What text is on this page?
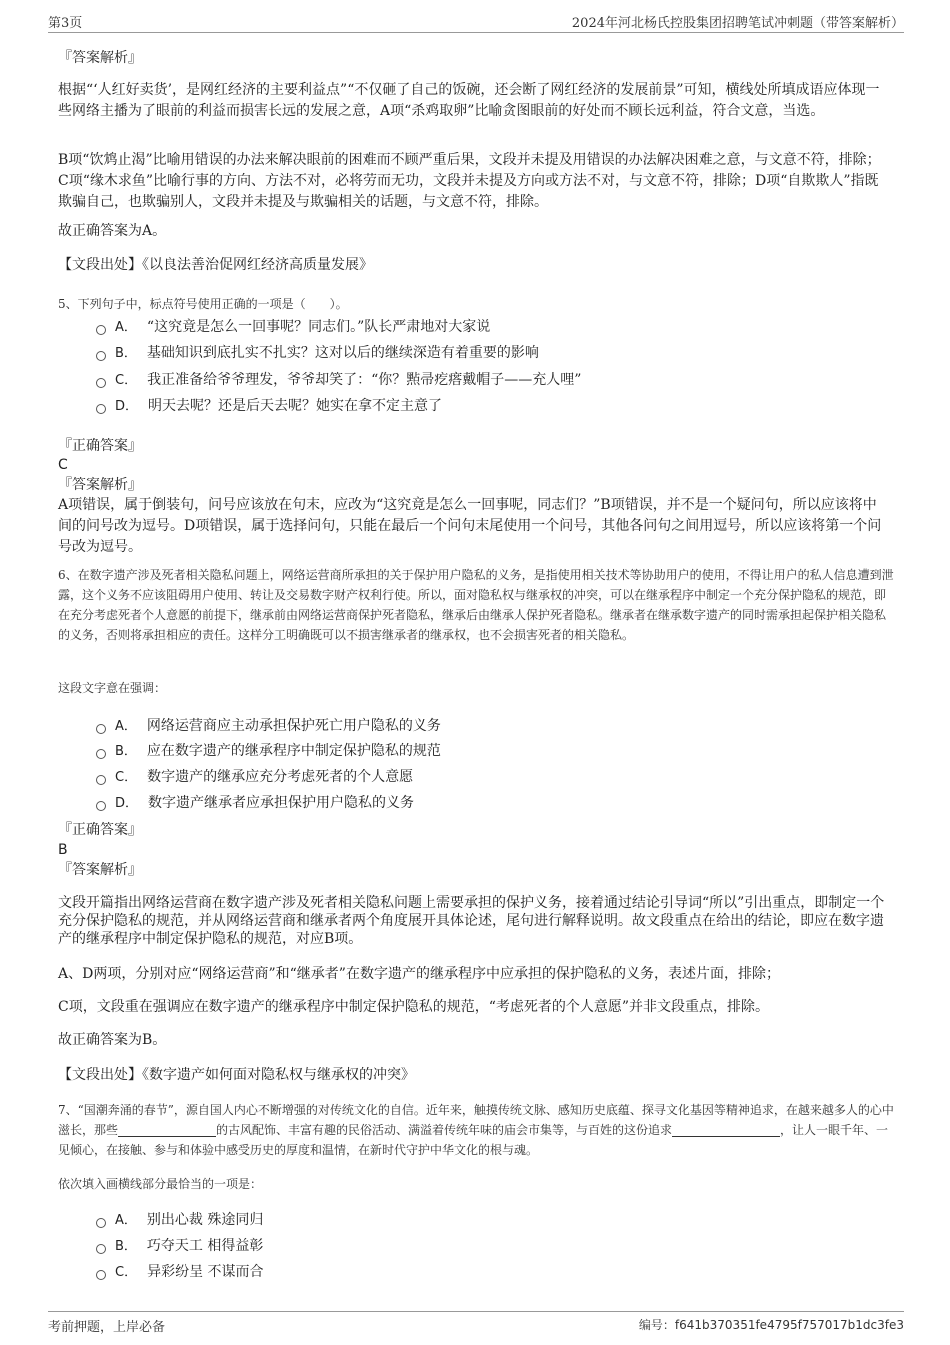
第3页	2024年河北杨氏控股集团招聘笔试冲刺题（带答案解析）
『答案解析』
根据“‘人红好卖货’，是网红经济的主要利益点”“不仅砸了自己的饭碗，还会断了网红经济的发展前景”可知，横线处所填成语应体现一些网络主播为了眼前的利益而损害长远的发展之意，A项“杀鸡取卵”比喻贪图眼前的好处而不顾长远利益，符合文意，当选。
B项“饮鸩止渴”比喻用错误的办法来解决眼前的困难而不顾严重后果，文段并未提及用错误的办法解决困难之意，与文意不符，排除；C项“缘木求鱼”比喻行事的方向、方法不对，必将劳而无功，文段并未提及方向或方法不对，与文意不符，排除；D项“自欺欺人”指既欺骗自己，也欺骗别人，文段并未提及与欺骗相关的话题，与文意不符，排除。
故正确答案为A。
【文段出处】《以良法善治促网红经济高质量发展》
5、下列句子中，标点符号使用正确的一项是（　　）。
A． “这究竟是怎么一回事呢？同志们。”队长严肃地对大家说
B． 基础知识到底扎实不扎实？这对以后的继续深造有着重要的影响
C． 我正准备给爷爷理发，爷爷却笑了：“你？㸃帚疙瘩戴帽子——充人哩”
D． 明天去呢？还是后天去呢？她实在拿不定主意了
『正确答案』
C
『答案解析』
A项错误，属于倒装句，问号应该放在句末，应改为“这究竟是怎么一回事呢，同志们？”B项错误，并不是一个疑问句，所以应该将中间的问号改为逗号。D项错误，属于选择问句，只能在最后一个问句末尾使用一个问号，其他各问句之间用逗号，所以应该将第一个问号改为逗号。
6、在数字遗产涉及死者相关隐私问题上，网络运营商所承担的关于保护用户隐私的义务，是指使用相关技术等协助用户的使用，不得让用户的私人信息遭到泄露，这个义务不应该阻碍用户使用、转让及交易数字财产权利行使。所以，面对隐私权与继承权的冲突，可以在继承程序中制定一个充分保护隐私的规范，即在充分考虑死者个人意愿的前提下，继承前由网络运营商保护死者隐私，继承后由继承人保护死者隐私。继承者在继承数字遗产的同时需承担起保护相关隐私的义务，否则将承担相应的责任。这样分工明确既可以不损害继承者的继承权，也不会损害死者的相关隐私。
这段文字意在强调：
A． 网络运营商应主动承担保护死亡用户隐私的义务
B． 应在数字遗产的继承程序中制定保护隐私的规范
C． 数字遗产的继承应充分考虑死者的个人意愿
D． 数字遗产继承者应承担保护用户隐私的义务
『正确答案』
B
『答案解析』
文段开篇指出网络运营商在数字遗产涉及死者相关隐私问题上需要承担的保护义务，接着通过结论引导词“所以”引出重点，即制定一个充分保护隐私的规范，并从网络运营商和继承者两个角度展开具体论述，尾句进行解释说明。故文段重点在给出的结论，即应在数字遗产的继承程序中制定保护隐私的规范，对应B项。
A、D两项，分别对应“网络运营商”和“继承者”在数字遗产的继承程序中应承担的保护隐私的义务，表述片面，排除；
C项，文段重在强调应在数字遗产的继承程序中制定保护隐私的规范，“考虑死者的个人意愿”并非文段重点，排除。
故正确答案为B。
【文段出处】《数字遗产如何面对隐私权与继承权的冲突》
7、“国潮奔涌的春节”，源自国人内心不断增强的对传统文化的自信。近年来，触摸传统文脉、感知历史底蕴、探寻文化基因等精神追求，在越来越多人的心中滋长，那些	的古风配饰、丰富有趣的民俗活动、满溢着传统年味的庙会市集等，与百姓的这份追求	，让人一眼千年、一见倾心，在接触、参与和体验中感受历史的厚度和温情，在新时代守护中华文化的根与魂。
依次填入画横线部分最恰当的一项是：
A． 别出心裁 殊途同归
B． 巧夺天工 相得益彰
C． 异彩纷呈 不谋而合
考前押题，上岸必备	编号：f641b370351fe4795f757017b1dc3fe3
